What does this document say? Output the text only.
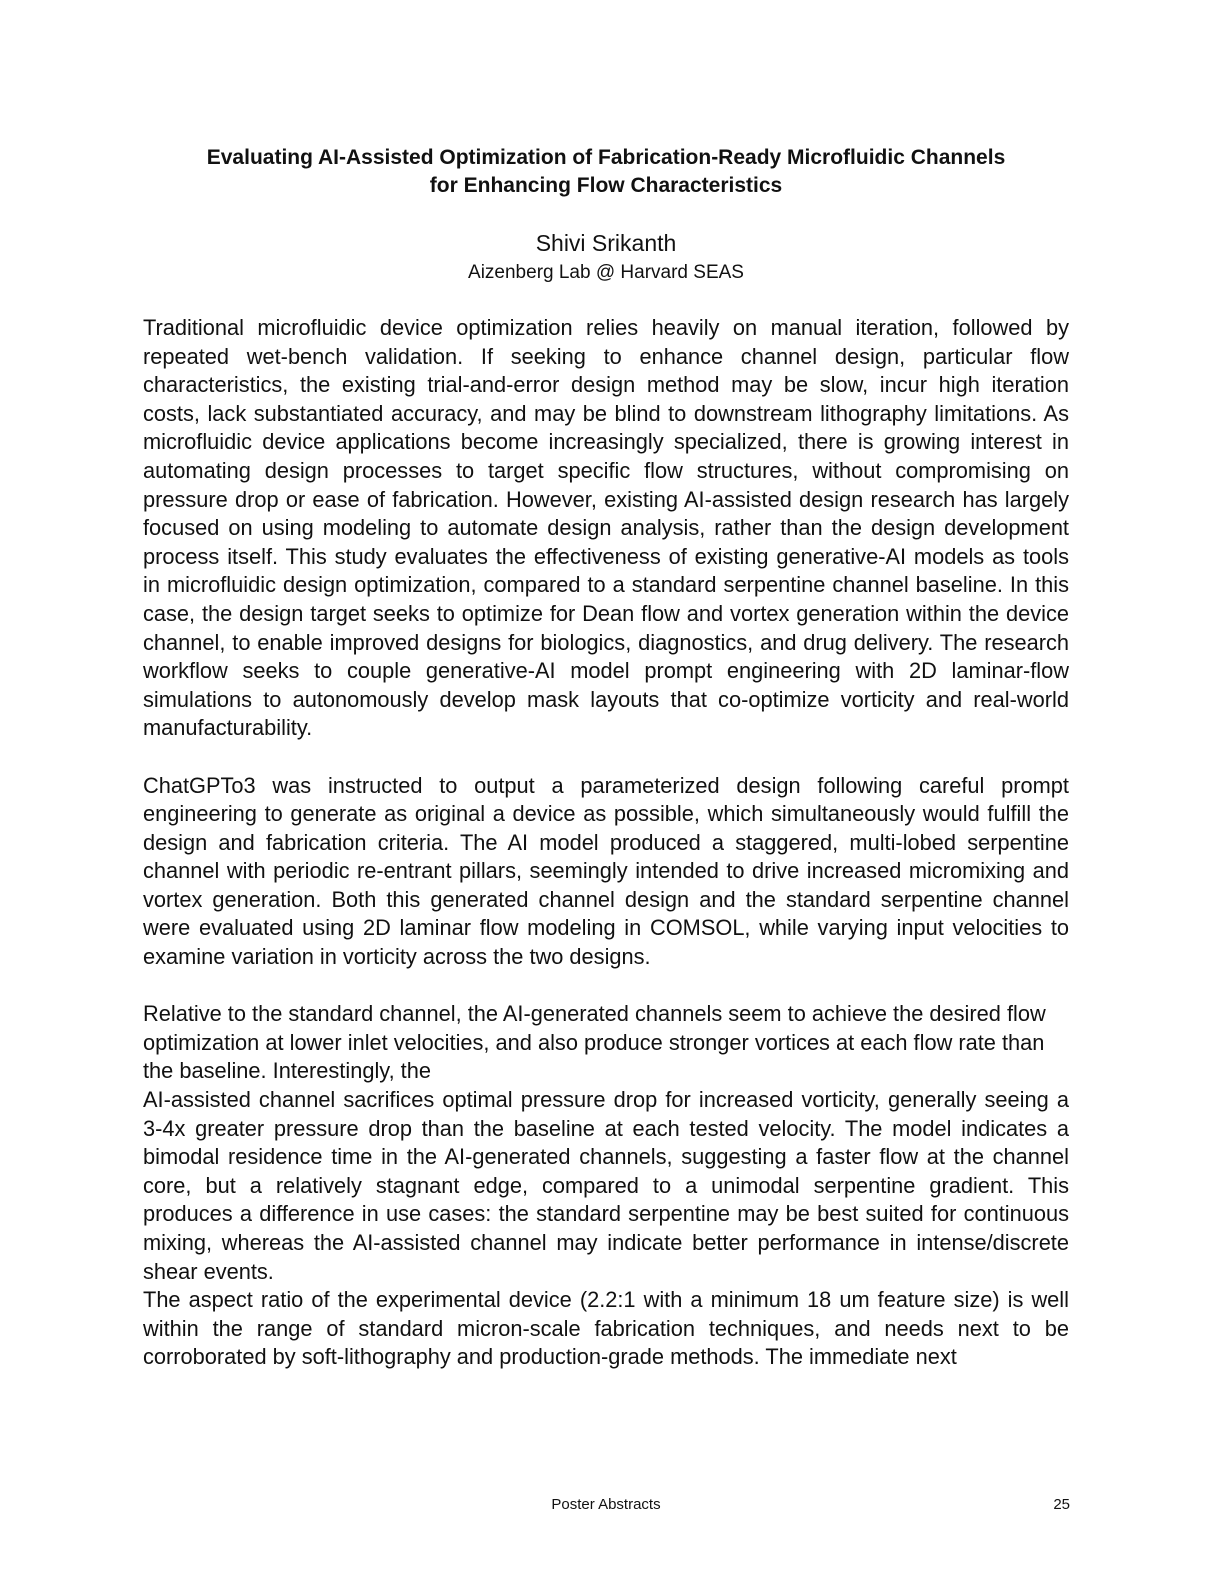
Evaluating AI-Assisted Optimization of Fabrication-Ready Microfluidic Channels
for Enhancing Flow Characteristics
Shivi Srikanth
Aizenberg Lab @ Harvard SEAS

Traditional microfluidic device optimization relies heavily on manual iteration, followed by repeated wet-bench validation. If seeking to enhance channel design, particular flow characteristics, the existing trial-and-error design method may be slow, incur high iteration costs, lack substantiated accuracy, and may be blind to downstream lithography limitations. As microfluidic device applications become increasingly specialized, there is growing interest in automating design processes to target specific flow structures, without compromising on pressure drop or ease of fabrication. However, existing AI-assisted design research has largely focused on using modeling to automate design analysis, rather than the design development process itself. This study evaluates the effectiveness of existing generative-AI models as tools in microfluidic design optimization, compared to a standard serpentine channel baseline. In this case, the design target seeks to optimize for Dean flow and vortex generation within the device channel, to enable improved designs for biologics, diagnostics, and drug delivery. The research workflow seeks to couple generative-AI model prompt engineering with 2D laminar-flow simulations to autonomously develop mask layouts that co-optimize vorticity and real-world manufacturability.

ChatGPTo3 was instructed to output a parameterized design following careful prompt engineering to generate as original a device as possible, which simultaneously would fulfill the design and fabrication criteria. The AI model produced a staggered, multi-lobed serpentine channel with periodic re-entrant pillars, seemingly intended to drive increased micromixing and vortex generation. Both this generated channel design and the standard serpentine channel were evaluated using 2D laminar flow modeling in COMSOL, while varying input velocities to examine variation in vorticity across the two designs.

Relative to the standard channel, the AI-generated channels seem to achieve the desired flow optimization at lower inlet velocities, and also produce stronger vortices at each flow rate than the baseline. Interestingly, the

AI-assisted channel sacrifices optimal pressure drop for increased vorticity, generally seeing a 3-4x greater pressure drop than the baseline at each tested velocity. The model indicates a bimodal residence time in the AI-generated channels, suggesting a faster flow at the channel core, but a relatively stagnant edge, compared to a unimodal serpentine gradient. This produces a difference in use cases: the standard serpentine may be best suited for continuous mixing, whereas the AI-assisted channel may indicate better performance in intense/discrete shear events.

The aspect ratio of the experimental device (2.2:1 with a minimum 18 um feature size) is well within the range of standard micron-scale fabrication techniques, and needs next to be corroborated by soft-lithography and production-grade methods. The immediate next

Poster Abstracts	25
